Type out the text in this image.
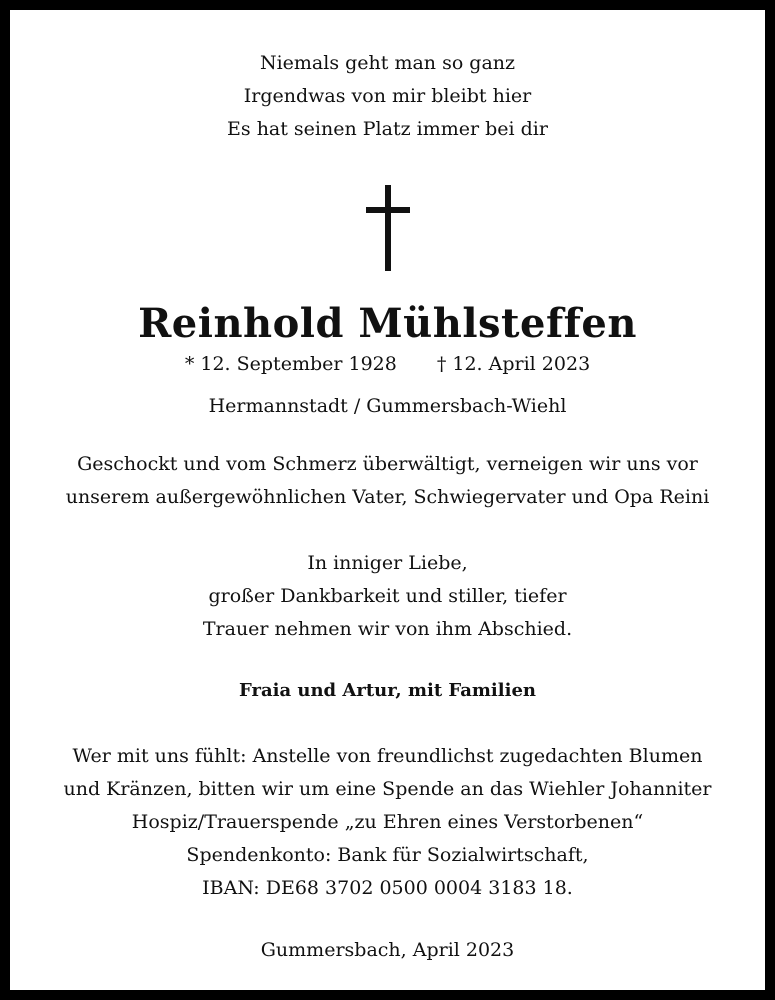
Niemals geht man so ganz
Irgendwas von mir bleibt hier
Es hat seinen Platz immer bei dir
Reinhold Mühlsteffen
* 12. September 1928 † 12. April 2023
Hermannstadt / Gummersbach-Wiehl
Geschockt und vom Schmerz überwältigt, verneigen wir uns vor
unserem außergewöhnlichen Vater, Schwiegervater und Opa Reini
In inniger Liebe,
großer Dankbarkeit und stiller, tiefer
Trauer nehmen wir von ihm Abschied.
Fraia und Artur, mit Familien
Wer mit uns fühlt: Anstelle von freundlichst zugedachten Blumen
und Kränzen, bitten wir um eine Spende an das Wiehler Johanniter
Hospiz/Trauerspende „zu Ehren eines Verstorbenen“
Spendenkonto: Bank für Sozialwirtschaft,
IBAN: DE68 3702 0500 0004 3183 18.
Gummersbach, April 2023
